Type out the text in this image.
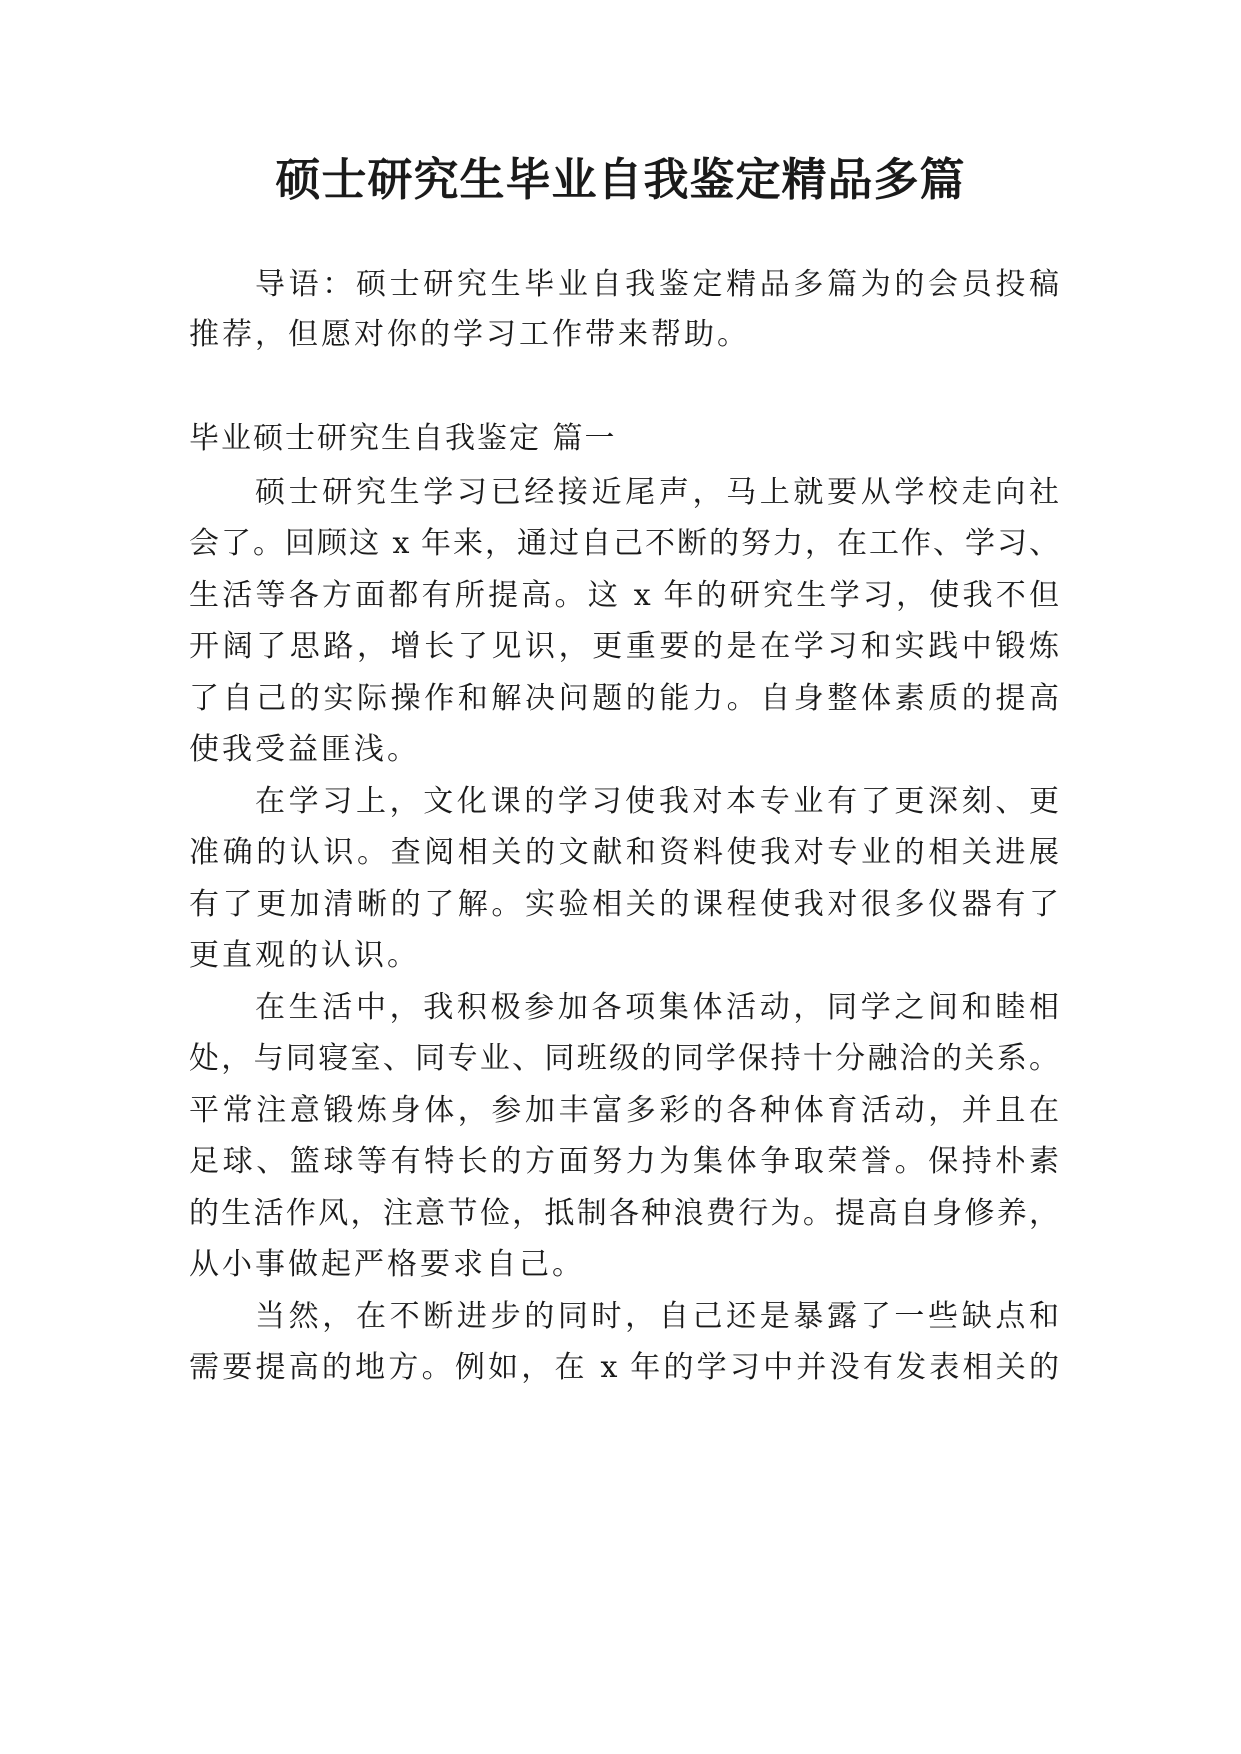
硕士研究生毕业自我鉴定精品多篇

导语：硕士研究生毕业自我鉴定精品多篇为的会员投稿

推荐，但愿对你的学习工作带来帮助。

毕业硕士研究生自我鉴定 篇一

硕士研究生学习已经接近尾声，马上就要从学校走向社

会了。回顾这 x 年来，通过自己不断的努力，在工作、学习、

生活等各方面都有所提高。这 x 年的研究生学习，使我不但

开阔了思路，增长了见识，更重要的是在学习和实践中锻炼

了自己的实际操作和解决问题的能力。自身整体素质的提高

使我受益匪浅。

在学习上，文化课的学习使我对本专业有了更深刻、更

准确的认识。查阅相关的文献和资料使我对专业的相关进展

有了更加清晰的了解。实验相关的课程使我对很多仪器有了

更直观的认识。

在生活中，我积极参加各项集体活动，同学之间和睦相

处，与同寝室、同专业、同班级的同学保持十分融洽的关系。

平常注意锻炼身体，参加丰富多彩的各种体育活动，并且在

足球、篮球等有特长的方面努力为集体争取荣誉。保持朴素

的生活作风，注意节俭，抵制各种浪费行为。提高自身修养，

从小事做起严格要求自己。

当然，在不断进步的同时，自己还是暴露了一些缺点和

需要提高的地方。例如，在 x 年的学习中并没有发表相关的
